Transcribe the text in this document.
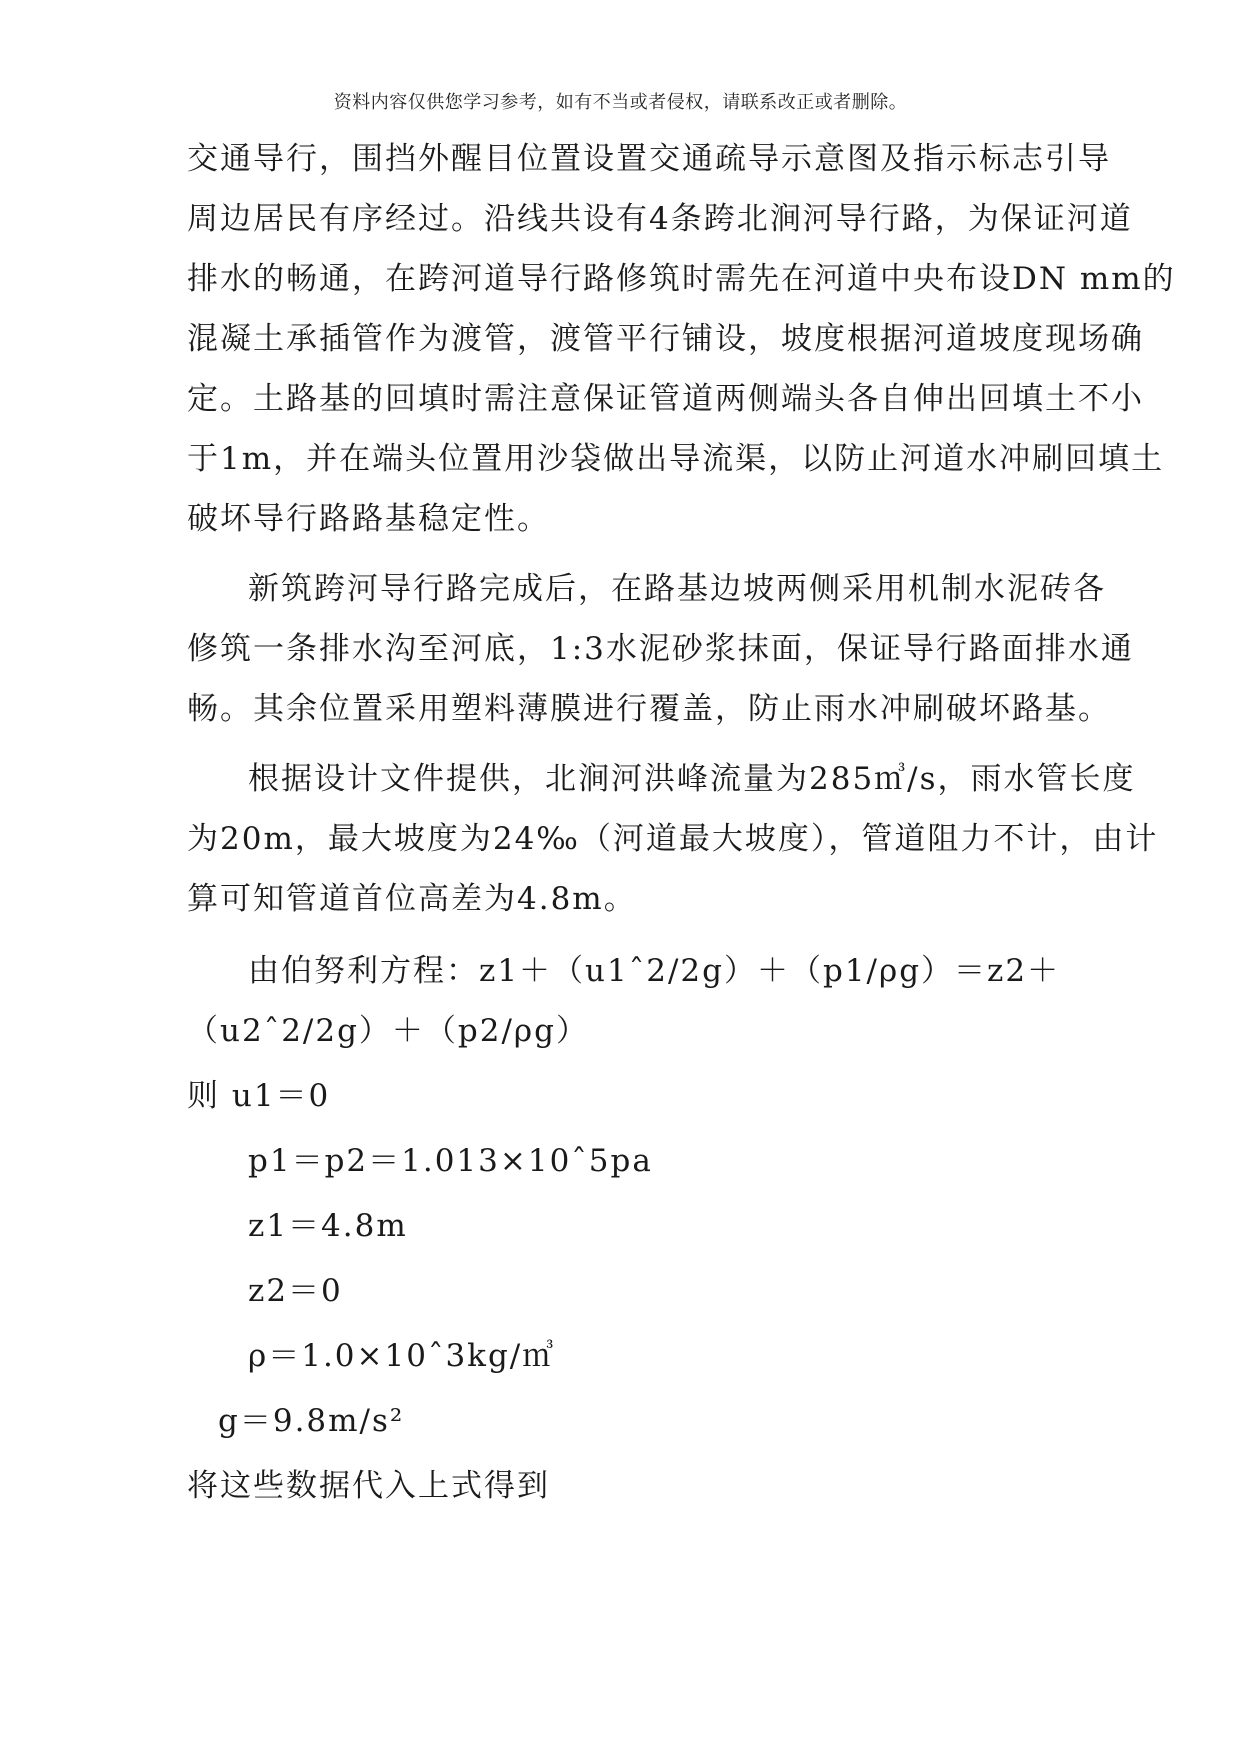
资料内容仅供您学习参考，如有不当或者侵权，请联系改正或者删除。
交通导行，围挡外醒目位置设置交通疏导示意图及指示标志引导
周边居民有序经过。沿线共设有4条跨北涧河导行路，为保证河道
排水的畅通，在跨河道导行路修筑时需先在河道中央布设DN mm的
混凝土承插管作为渡管，渡管平行铺设，坡度根据河道坡度现场确
定。土路基的回填时需注意保证管道两侧端头各自伸出回填土不小
于1m，并在端头位置用沙袋做出导流渠，以防止河道水冲刷回填土
破坏导行路路基稳定性。
新筑跨河导行路完成后，在路基边坡两侧采用机制水泥砖各
修筑一条排水沟至河底，1:3水泥砂浆抹面，保证导行路面排水通
畅。其余位置采用塑料薄膜进行覆盖，防止雨水冲刷破坏路基。
根据设计文件提供，北涧河洪峰流量为285㎥/s，雨水管长度
为20m，最大坡度为24‰（河道最大坡度），管道阻力不计，由计
算可知管道首位高差为4.8m。
由伯努利方程：z1＋（u1ˆ2/2g）＋（p1/ρg）＝z2＋
（u2ˆ2/2g）＋（p2/ρg）
则 u1＝0
p1＝p2＝1.013×10ˆ5pa
z1＝4.8m
z2＝0
ρ＝1.0×10ˆ3kg/㎥
g＝9.8m/s²
将这些数据代入上式得到
